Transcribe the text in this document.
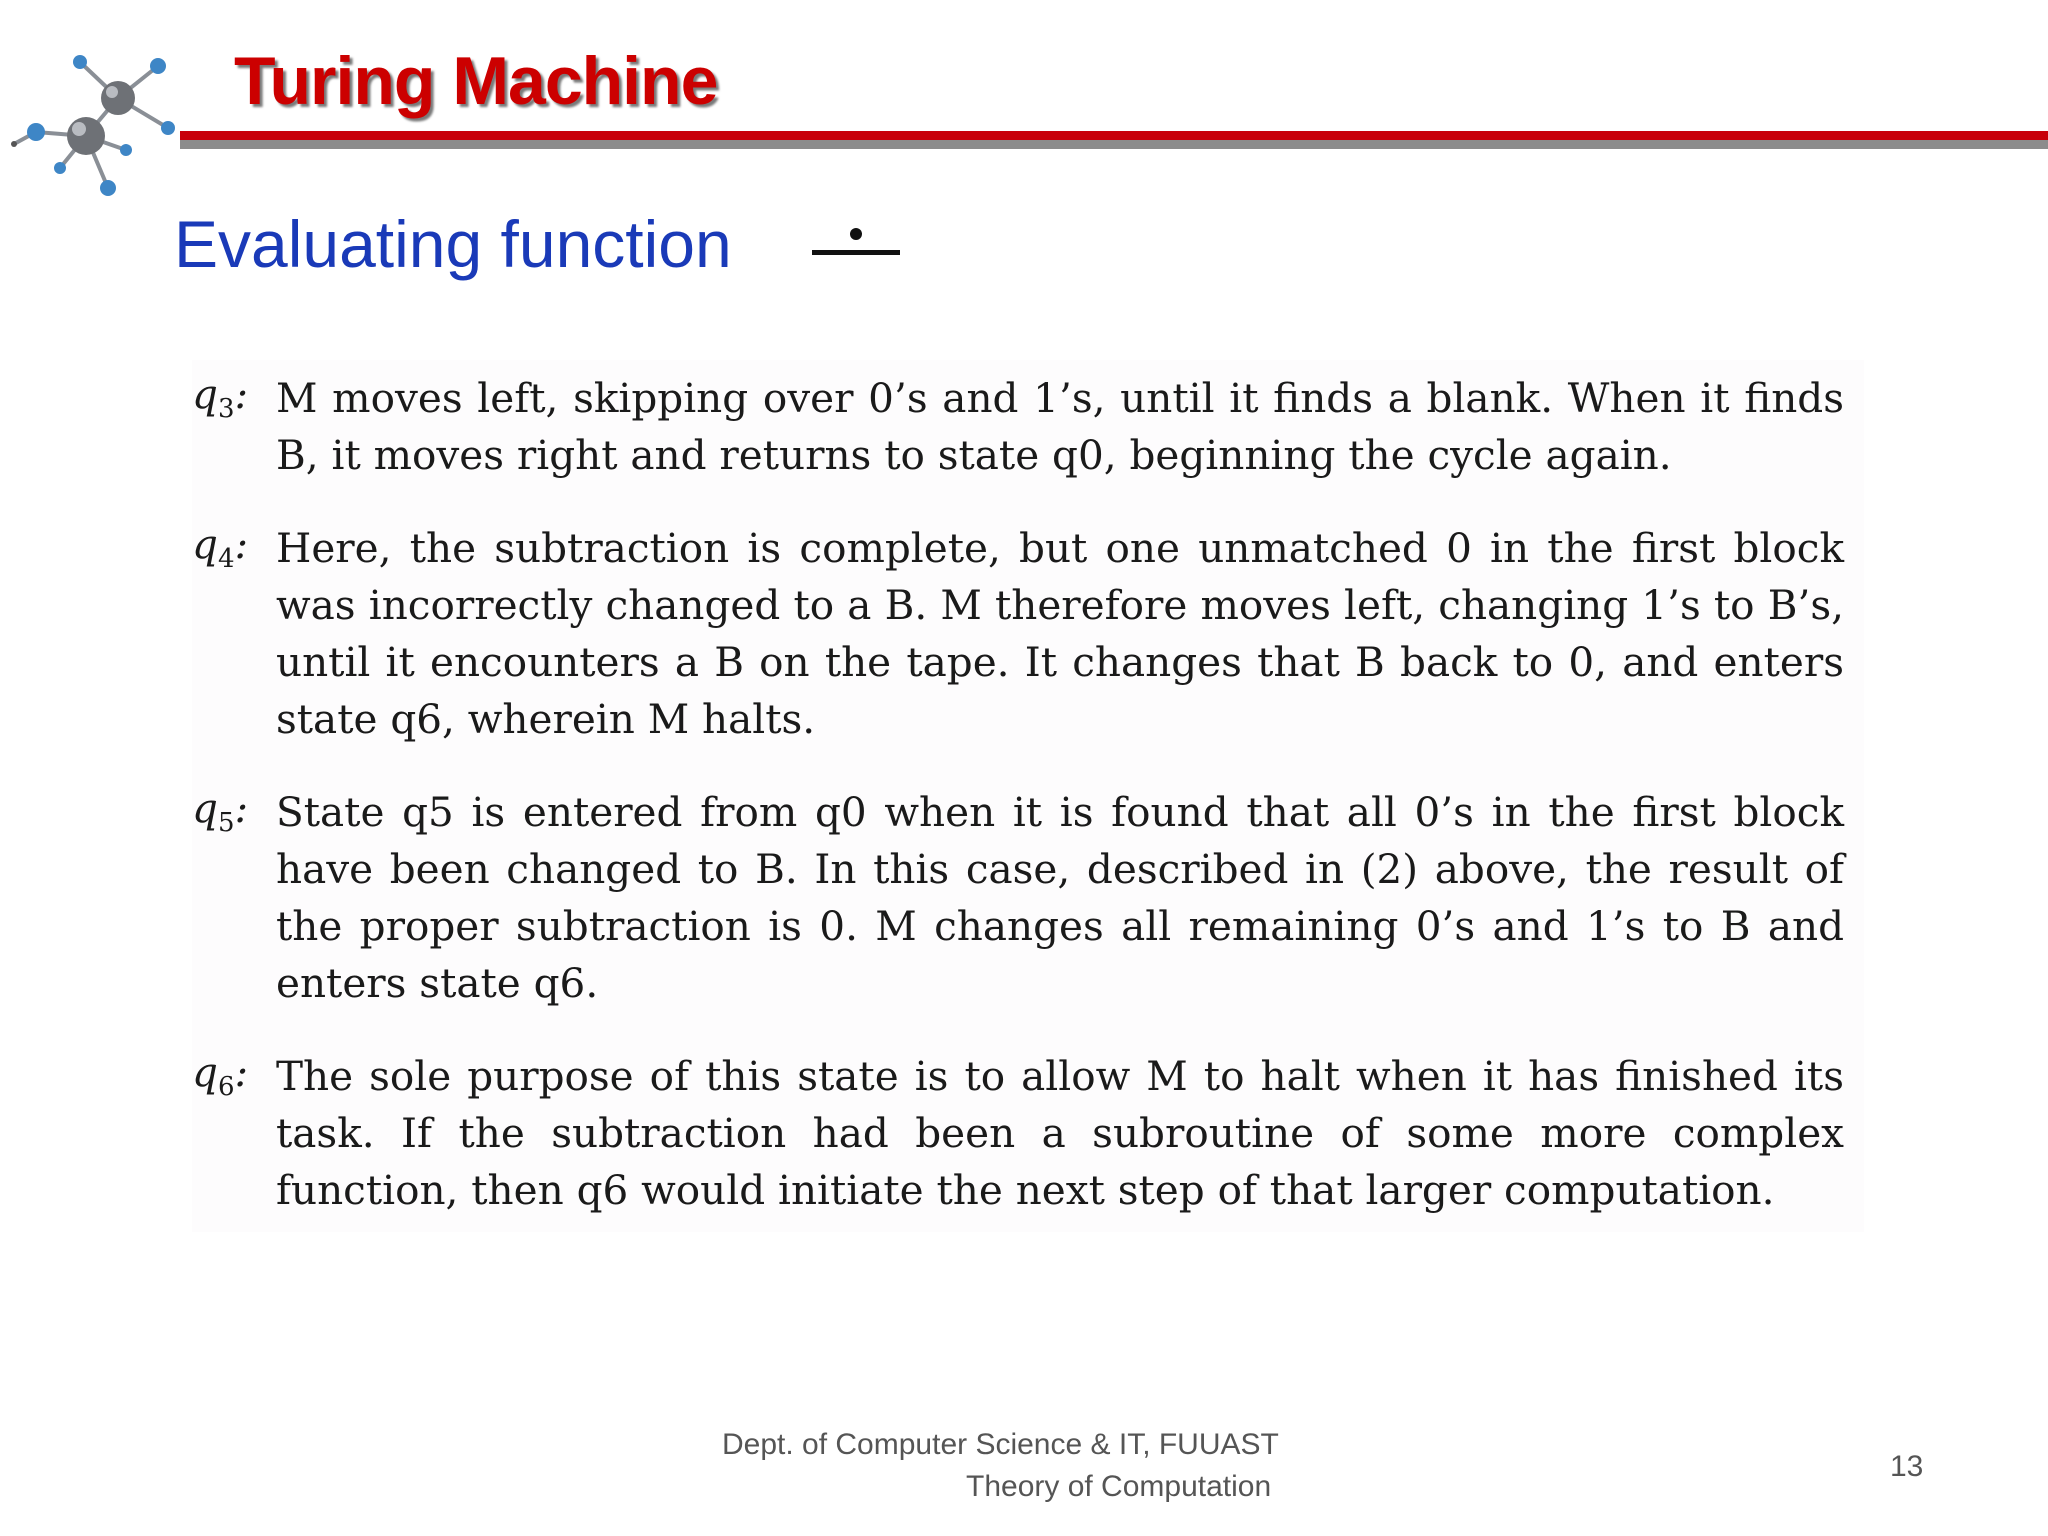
Turing Machine
Evaluating function
$q_3$: M moves left, skipping over 0’s and 1’s, until it finds a blank. When it finds B, it moves right and returns to state q0, beginning the cycle again.
$q_4$: Here, the subtraction is complete, but one unmatched 0 in the first block was incorrectly changed to a B. M therefore moves left, changing 1’s to B’s, until it encounters a B on the tape. It changes that B back to 0, and enters state q6, wherein M halts.
$q_5$: State q5 is entered from q0 when it is found that all 0’s in the first block have been changed to B. In this case, described in (2) above, the result of the proper subtraction is 0. M changes all remaining 0’s and 1’s to B and enters state q6.
$q_6$: The sole purpose of this state is to allow M to halt when it has finished its task. If the subtraction had been a subroutine of some more complex function, then q6 would initiate the next step of that larger computation.
Dept. of Computer Science & IT, FUUAST
Theory of Computation
13
